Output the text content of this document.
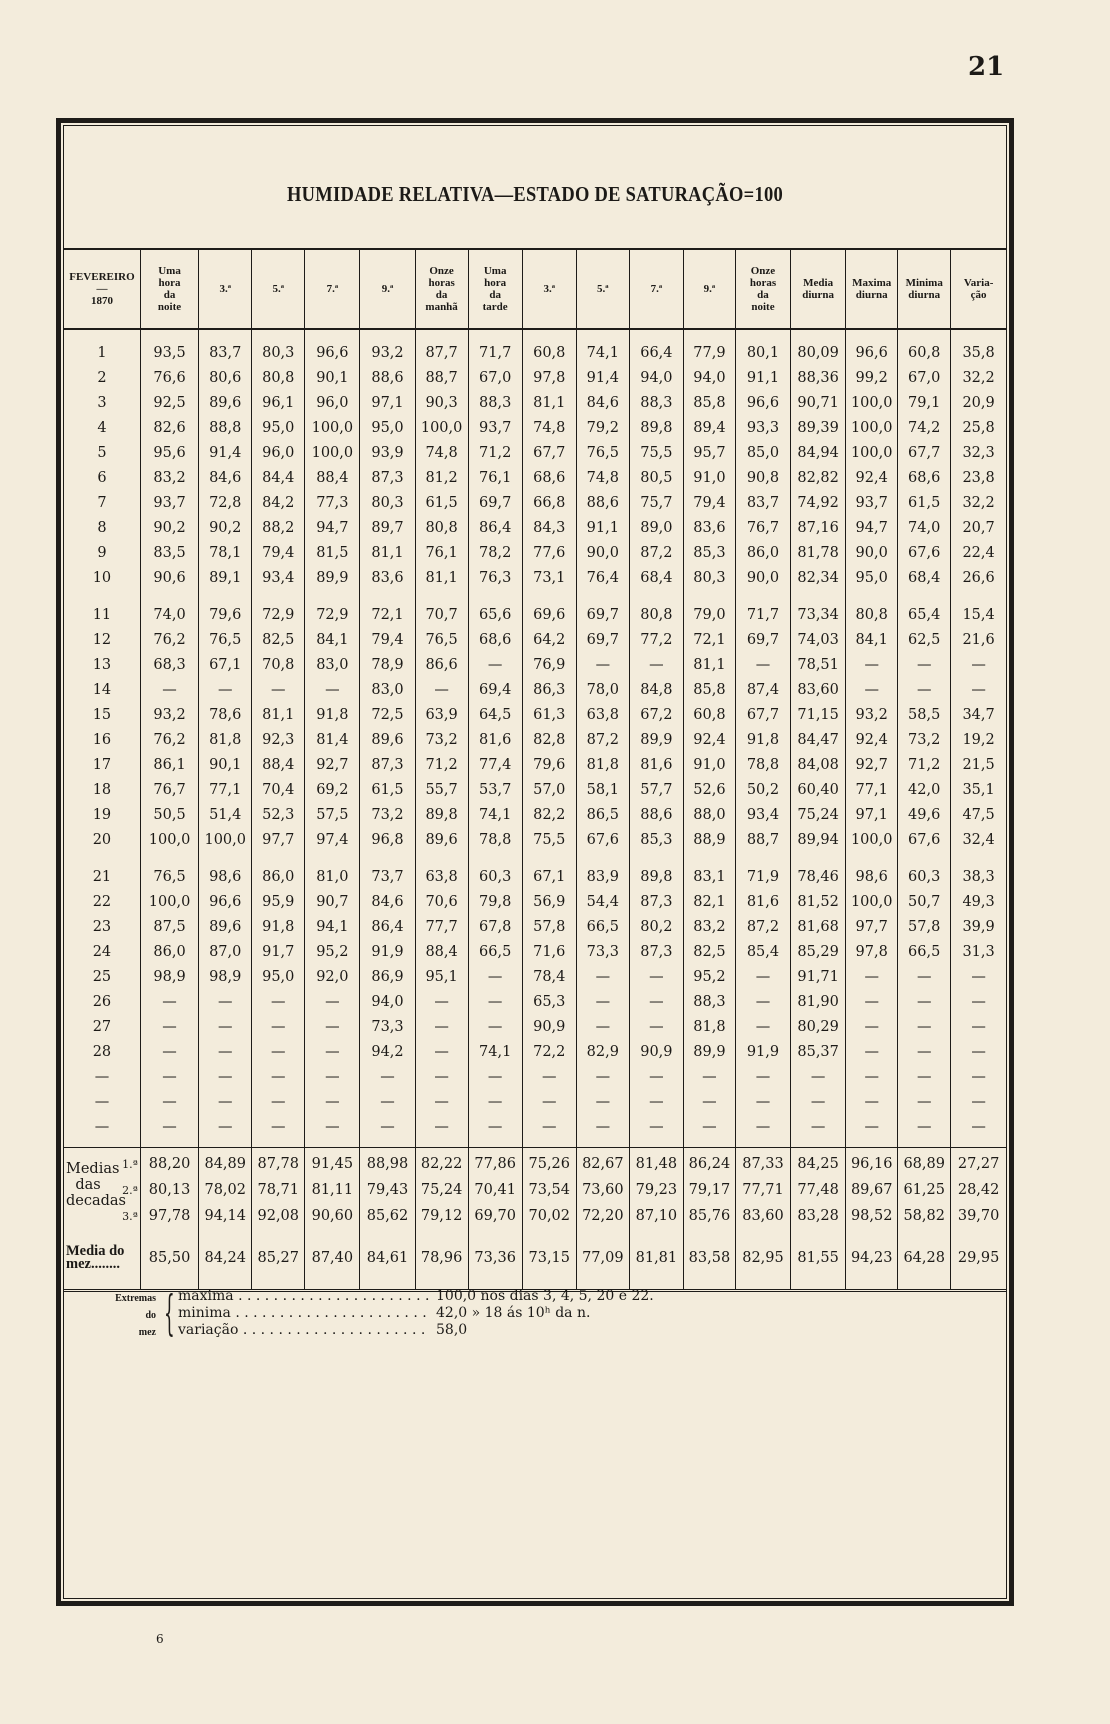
21
HUMIDADE RELATIVA—ESTADO DE SATURAÇÃO=100
FEVEREIRO
—
1870	Uma
hora
da
noite	3.ª	5.ª	7.ª	9.ª	Onze
horas
da
manhã	Uma
hora
da
tarde	3.ª	5.ª	7.ª	9.ª	Onze
horas
da
noite	Media
diurna	Maxima
diurna	Minima
diurna	Varia-
ção

1	93,5	83,7	80,3	96,6	93,2	87,7	71,7	60,8	74,1	66,4	77,9	80,1	80,09	96,6	60,8	35,8
2	76,6	80,6	80,8	90,1	88,6	88,7	67,0	97,8	91,4	94,0	94,0	91,1	88,36	99,2	67,0	32,2
3	92,5	89,6	96,1	96,0	97,1	90,3	88,3	81,1	84,6	88,3	85,8	96,6	90,71	100,0	79,1	20,9
4	82,6	88,8	95,0	100,0	95,0	100,0	93,7	74,8	79,2	89,8	89,4	93,3	89,39	100,0	74,2	25,8
5	95,6	91,4	96,0	100,0	93,9	74,8	71,2	67,7	76,5	75,5	95,7	85,0	84,94	100,0	67,7	32,3
6	83,2	84,6	84,4	88,4	87,3	81,2	76,1	68,6	74,8	80,5	91,0	90,8	82,82	92,4	68,6	23,8
7	93,7	72,8	84,2	77,3	80,3	61,5	69,7	66,8	88,6	75,7	79,4	83,7	74,92	93,7	61,5	32,2
8	90,2	90,2	88,2	94,7	89,7	80,8	86,4	84,3	91,1	89,0	83,6	76,7	87,16	94,7	74,0	20,7
9	83,5	78,1	79,4	81,5	81,1	76,1	78,2	77,6	90,0	87,2	85,3	86,0	81,78	90,0	67,6	22,4
10	90,6	89,1	93,4	89,9	83,6	81,1	76,3	73,1	76,4	68,4	80,3	90,0	82,34	95,0	68,4	26,6

11	74,0	79,6	72,9	72,9	72,1	70,7	65,6	69,6	69,7	80,8	79,0	71,7	73,34	80,8	65,4	15,4
12	76,2	76,5	82,5	84,1	79,4	76,5	68,6	64,2	69,7	77,2	72,1	69,7	74,03	84,1	62,5	21,6
13	68,3	67,1	70,8	83,0	78,9	86,6	—	76,9	—	—	81,1	—	78,51	—	—	—
14	—	—	—	—	83,0	—	69,4	86,3	78,0	84,8	85,8	87,4	83,60	—	—	—
15	93,2	78,6	81,1	91,8	72,5	63,9	64,5	61,3	63,8	67,2	60,8	67,7	71,15	93,2	58,5	34,7
16	76,2	81,8	92,3	81,4	89,6	73,2	81,6	82,8	87,2	89,9	92,4	91,8	84,47	92,4	73,2	19,2
17	86,1	90,1	88,4	92,7	87,3	71,2	77,4	79,6	81,8	81,6	91,0	78,8	84,08	92,7	71,2	21,5
18	76,7	77,1	70,4	69,2	61,5	55,7	53,7	57,0	58,1	57,7	52,6	50,2	60,40	77,1	42,0	35,1
19	50,5	51,4	52,3	57,5	73,2	89,8	74,1	82,2	86,5	88,6	88,0	93,4	75,24	97,1	49,6	47,5
20	100,0	100,0	97,7	97,4	96,8	89,6	78,8	75,5	67,6	85,3	88,9	88,7	89,94	100,0	67,6	32,4

21	76,5	98,6	86,0	81,0	73,7	63,8	60,3	67,1	83,9	89,8	83,1	71,9	78,46	98,6	60,3	38,3
22	100,0	96,6	95,9	90,7	84,6	70,6	79,8	56,9	54,4	87,3	82,1	81,6	81,52	100,0	50,7	49,3
23	87,5	89,6	91,8	94,1	86,4	77,7	67,8	57,8	66,5	80,2	83,2	87,2	81,68	97,7	57,8	39,9
24	86,0	87,0	91,7	95,2	91,9	88,4	66,5	71,6	73,3	87,3	82,5	85,4	85,29	97,8	66,5	31,3
25	98,9	98,9	95,0	92,0	86,9	95,1	—	78,4	—	—	95,2	—	91,71	—	—	—
26	—	—	—	—	94,0	—	—	65,3	—	—	88,3	—	81,90	—	—	—
27	—	—	—	—	73,3	—	—	90,9	—	—	81,8	—	80,29	—	—	—
28	—	—	—	—	94,2	—	74,1	72,2	82,9	90,9	89,9	91,9	85,37	—	—	—
—	—	—	—	—	—	—	—	—	—	—	—	—	—	—	—	—
—	—	—	—	—	—	—	—	—	—	—	—	—	—	—	—	—
—	—	—	—	—	—	—	—	—	—	—	—	—	—	—	—	—

Medias
das
decadas
1.ª	88,20	84,89	87,78	91,45	88,98	82,22	77,86	75,26	82,67	81,48	86,24	87,33	84,25	96,16	68,89	27,27
2.ª	80,13	78,02	78,71	81,11	79,43	75,24	70,41	73,54	73,60	79,23	79,17	77,71	77,48	89,67	61,25	28,42
3.ª	97,78	94,14	92,08	90,60	85,62	79,12	69,70	70,02	72,20	87,10	85,76	83,60	83,28	98,52	58,82	39,70

Media do
mez........	85,50	84,24	85,27	87,40	84,61	78,96	73,36	73,15	77,09	81,81	83,58	82,95	81,55	94,23	64,28	29,95

Extremas
do
mez { maxima . . . . . . . . . . . . . . . . . . . . . . 100,0 nos dias 3, 4, 5, 20 e 22.
minima . . . . . . . . . . . . . . . . . . . . . . 42,0 » 18 ás 10ʰ da n.
variação . . . . . . . . . . . . . . . . . . . . . 58,0
6
